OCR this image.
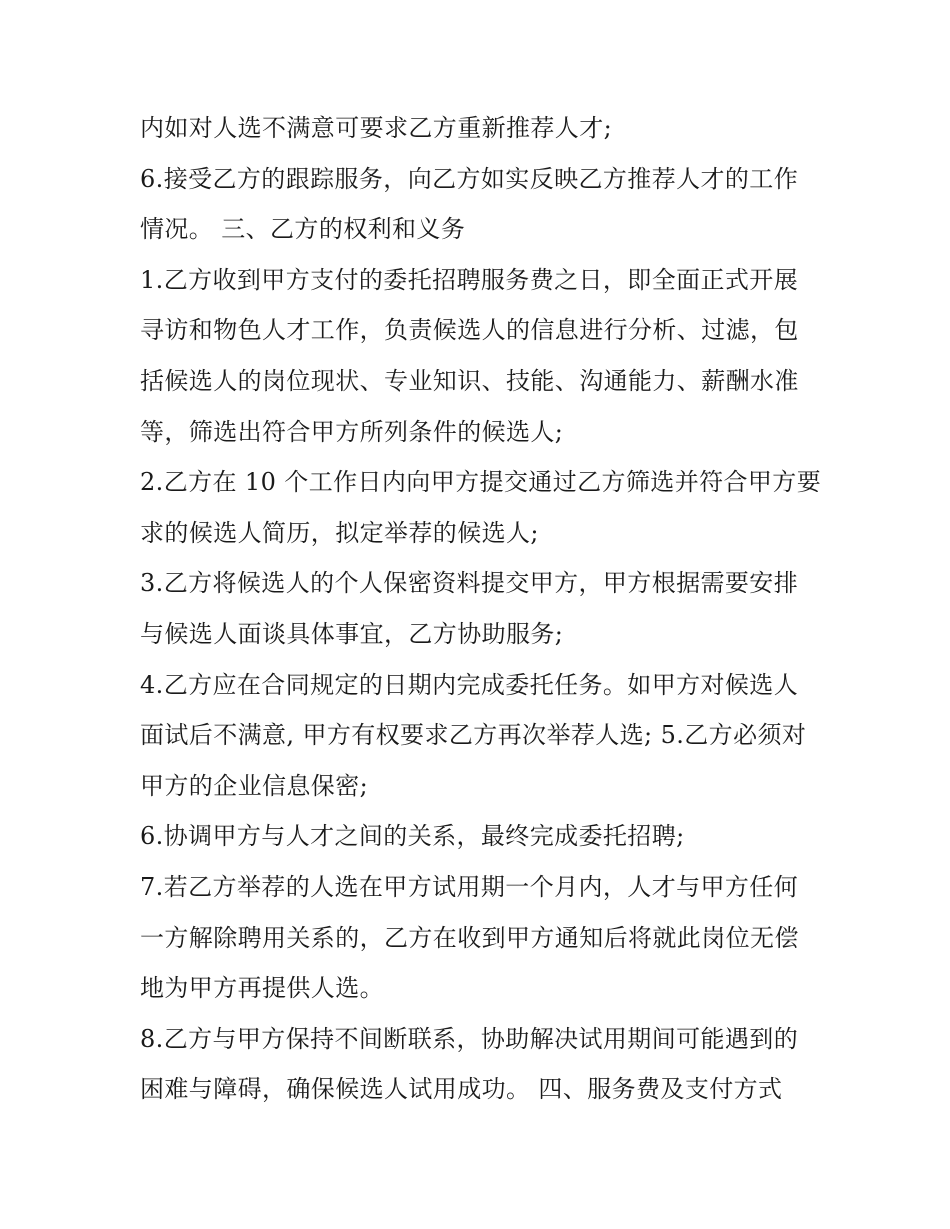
内如对人选不满意可要求乙方重新推荐人才;
6.接受乙方的跟踪服务，向乙方如实反映乙方推荐人才的工作
情况。 三、乙方的权利和义务
1.乙方收到甲方支付的委托招聘服务费之日，即全面正式开展
寻访和物色人才工作，负责候选人的信息进行分析、过滤，包
括候选人的岗位现状、专业知识、技能、沟通能力、薪酬水准
等，筛选出符合甲方所列条件的候选人;
2.乙方在 10 个工作日内向甲方提交通过乙方筛选并符合甲方要
求的候选人简历，拟定举荐的候选人;
3.乙方将候选人的个人保密资料提交甲方，甲方根据需要安排
与候选人面谈具体事宜，乙方协助服务;
4.乙方应在合同规定的日期内完成委托任务。如甲方对候选人
面试后不满意, 甲方有权要求乙方再次举荐人选; 5.乙方必须对
甲方的企业信息保密;
6.协调甲方与人才之间的关系，最终完成委托招聘;
7.若乙方举荐的人选在甲方试用期一个月内，人才与甲方任何
一方解除聘用关系的，乙方在收到甲方通知后将就此岗位无偿
地为甲方再提供人选。
8.乙方与甲方保持不间断联系，协助解决试用期间可能遇到的
困难与障碍，确保候选人试用成功。 四、服务费及支付方式
